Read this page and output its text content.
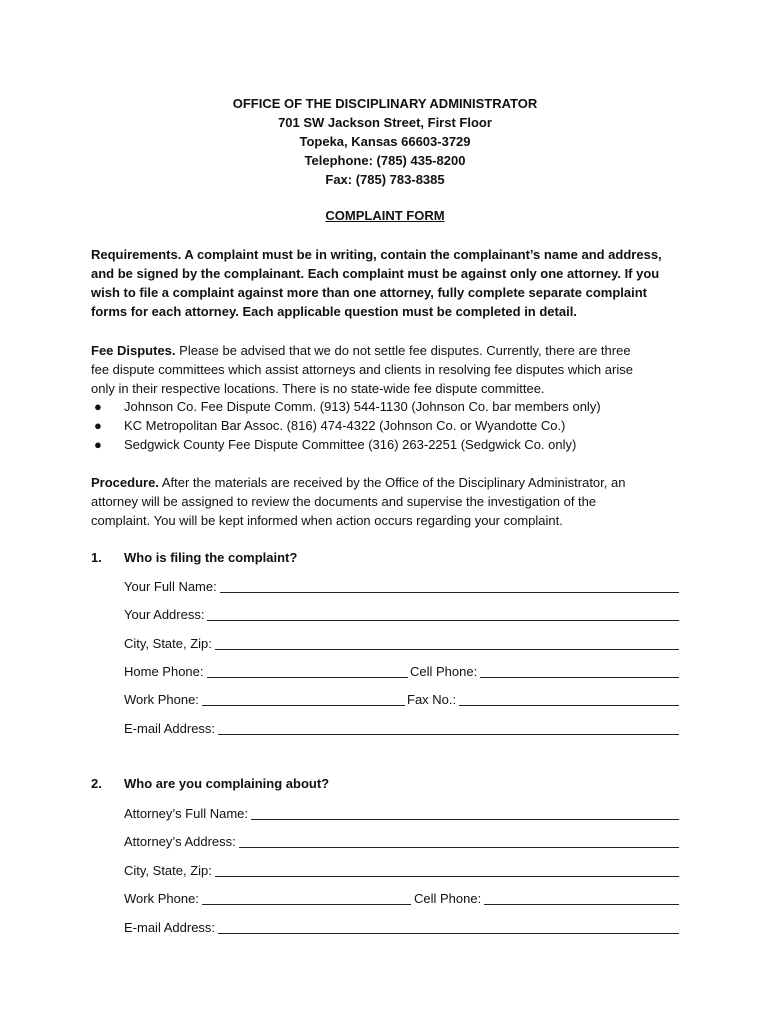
OFFICE OF THE DISCIPLINARY ADMINISTRATOR
701 SW Jackson Street, First Floor
Topeka, Kansas 66603-3729
Telephone: (785) 435-8200
Fax: (785) 783-8385
COMPLAINT FORM
Requirements. A complaint must be in writing, contain the complainant’s name and address,
and be signed by the complainant. Each complaint must be against only one attorney. If you
wish to file a complaint against more than one attorney, fully complete separate complaint
forms for each attorney. Each applicable question must be completed in detail.
Fee Disputes. Please be advised that we do not settle fee disputes. Currently, there are three
fee dispute committees which assist attorneys and clients in resolving fee disputes which arise
only in their respective locations. There is no state-wide fee dispute committee.
● Johnson Co. Fee Dispute Comm. (913) 544-1130 (Johnson Co. bar members only)
● KC Metropolitan Bar Assoc. (816) 474-4322 (Johnson Co. or Wyandotte Co.)
● Sedgwick County Fee Dispute Committee (316) 263-2251 (Sedgwick Co. only)
Procedure. After the materials are received by the Office of the Disciplinary Administrator, an
attorney will be assigned to review the documents and supervise the investigation of the
complaint. You will be kept informed when action occurs regarding your complaint.
1. Who is filing the complaint?
Your Full Name:
Your Address:
City, State, Zip:
Home Phone:	Cell Phone:
Work Phone:	Fax No.:
E-mail Address:
2. Who are you complaining about?
Attorney’s Full Name:
Attorney’s Address:
City, State, Zip:
Work Phone:	Cell Phone:
E-mail Address:
